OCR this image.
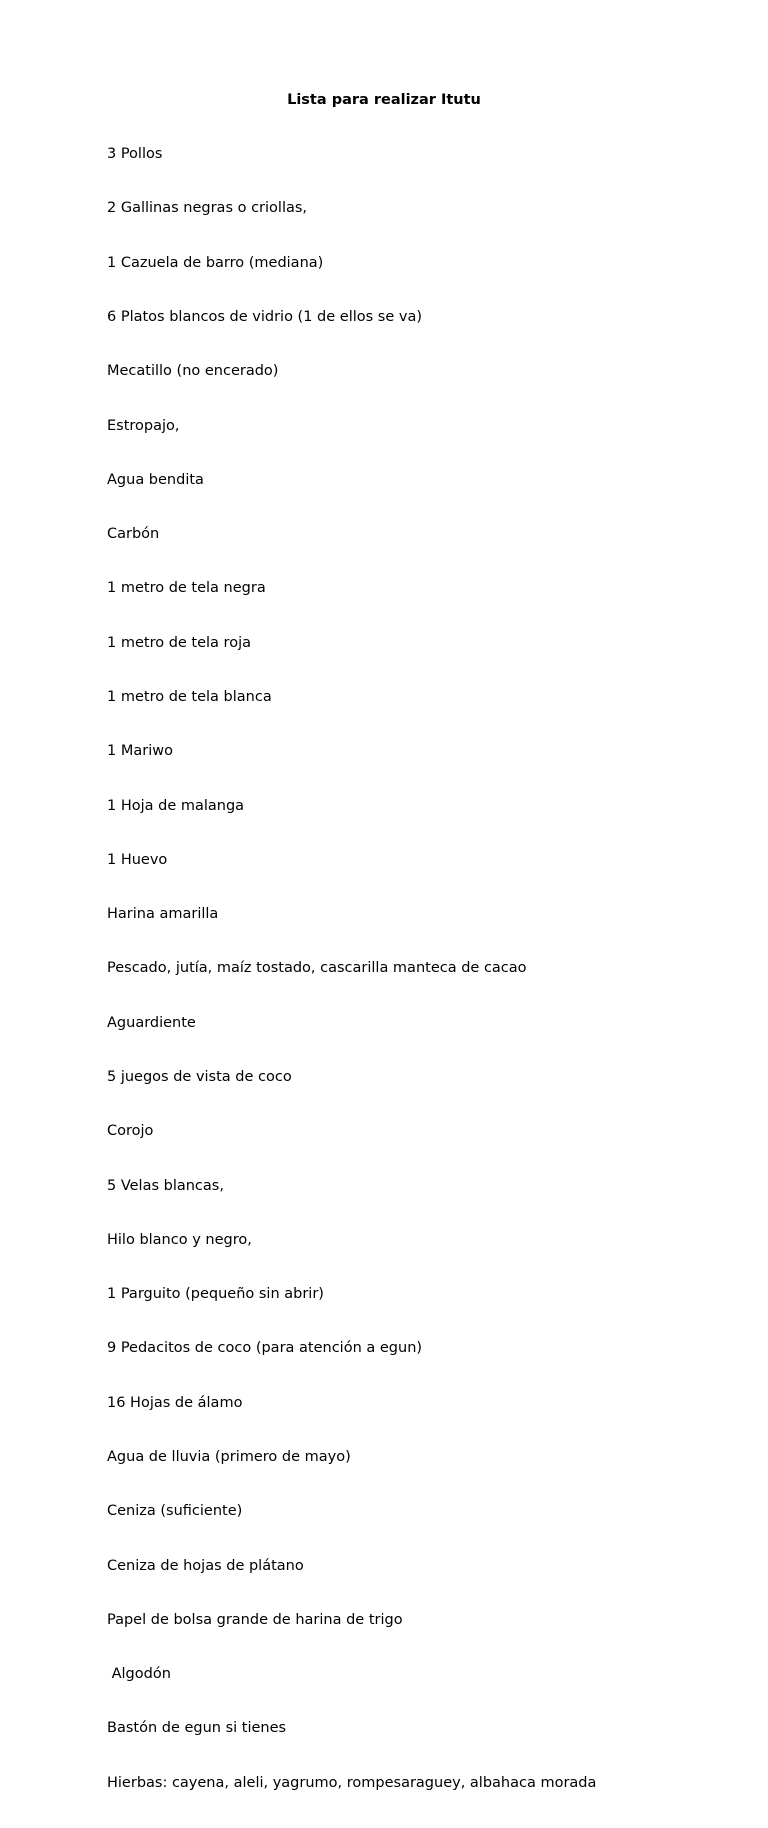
Lista para realizar Itutu

3 Pollos

2 Gallinas negras o criollas,

1 Cazuela de barro (mediana)

6 Platos blancos de vidrio (1 de ellos se va)

Mecatillo (no encerado)

Estropajo,

Agua bendita

Carbón

1 metro de tela negra

1 metro de tela roja

1 metro de tela blanca

1 Mariwo

1 Hoja de malanga

1 Huevo

Harina amarilla

Pescado, jutía, maíz tostado, cascarilla manteca de cacao

Aguardiente

5 juegos de vista de coco

Corojo

5 Velas blancas,

Hilo blanco y negro,

1 Parguito (pequeño sin abrir)

9 Pedacitos de coco (para atención a egun)

16 Hojas de álamo

Agua de lluvia (primero de mayo)

Ceniza (suficiente)

Ceniza de hojas de plátano

Papel de bolsa grande de harina de trigo

Algodón

Bastón de egun si tienes

Hierbas: cayena, aleli, yagrumo, rompesaraguey, albahaca morada
